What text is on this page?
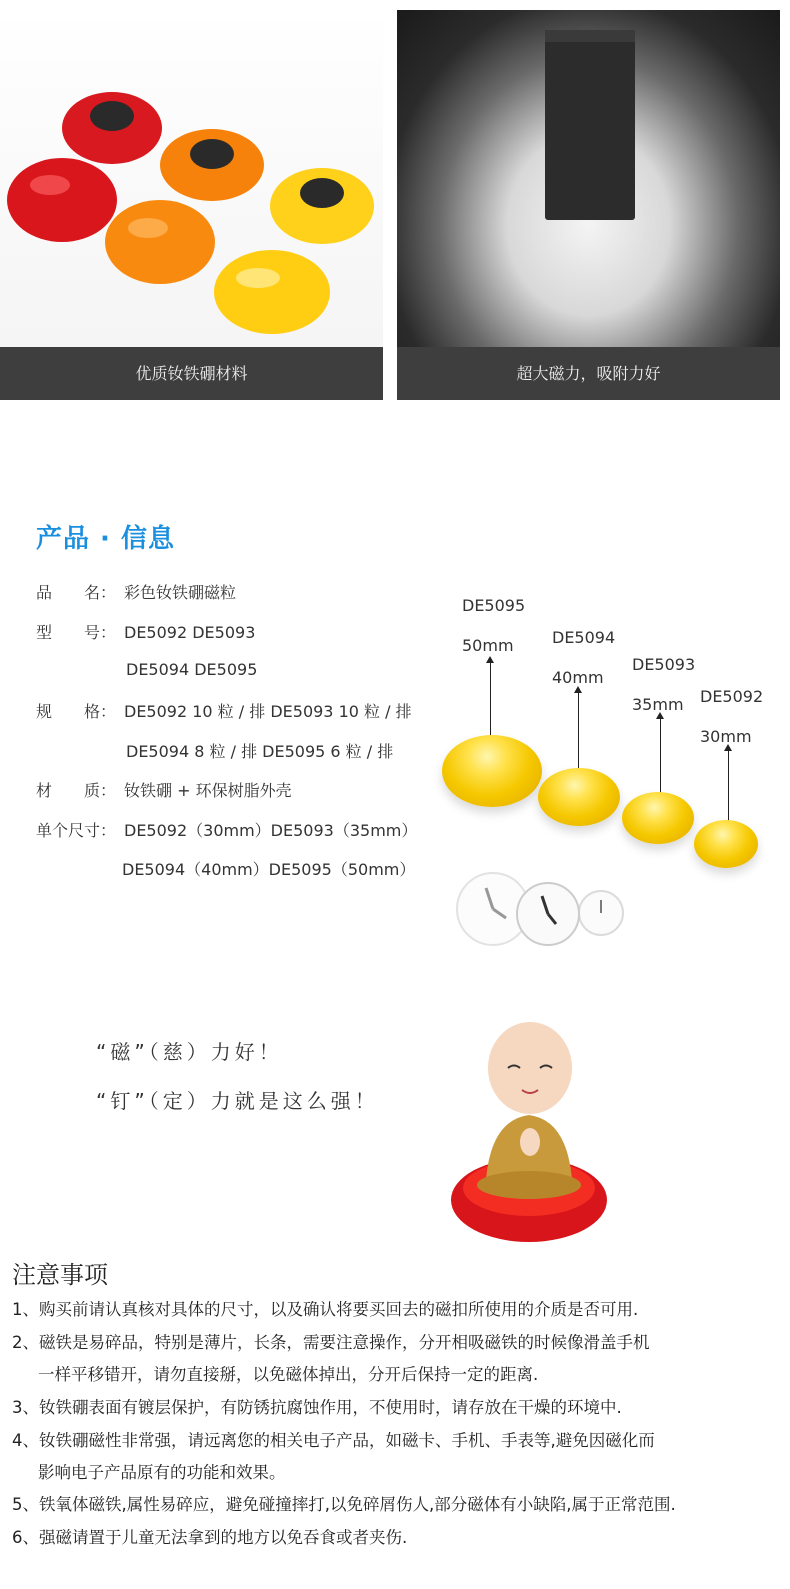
优质钕铁硼材料	超大磁力，吸附力好
产品 · 信息
品　　名： 彩色钕铁硼磁粒
型　　号： DE5092 DE5093
DE5094 DE5095
规　　格： DE5092 10 粒 / 排 DE5093 10 粒 / 排
DE5094 8 粒 / 排 DE5095 6 粒 / 排
材　　质： 钕铁硼 + 环保树脂外壳
单个尺寸： DE5092（30mm）DE5093（35mm）
DE5094（40mm）DE5095（50mm）
DE5095
50mm DE5094
40mm
DE5093
35mm DE5092
30mm
“磁”（慈）力好！
“钉”（定）力就是这么强！
注意事项
1、购买前请认真核对具体的尺寸，以及确认将要买回去的磁扣所使用的介质是否可用.
2、磁铁是易碎品，特别是薄片，长条，需要注意操作，分开相吸磁铁的时候像滑盖手机
一样平移错开，请勿直接掰，以免磁体掉出，分开后保持一定的距离.
3、钕铁硼表面有镀层保护，有防锈抗腐蚀作用，不使用时，请存放在干燥的环境中.
4、钕铁硼磁性非常强，请远离您的相关电子产品，如磁卡、手机、手表等,避免因磁化而
影响电子产品原有的功能和效果。
5、铁氧体磁铁,属性易碎应，避免碰撞摔打,以免碎屑伤人,部分磁体有小缺陷,属于正常范围.
6、强磁请置于儿童无法拿到的地方以免吞食或者夹伤.
